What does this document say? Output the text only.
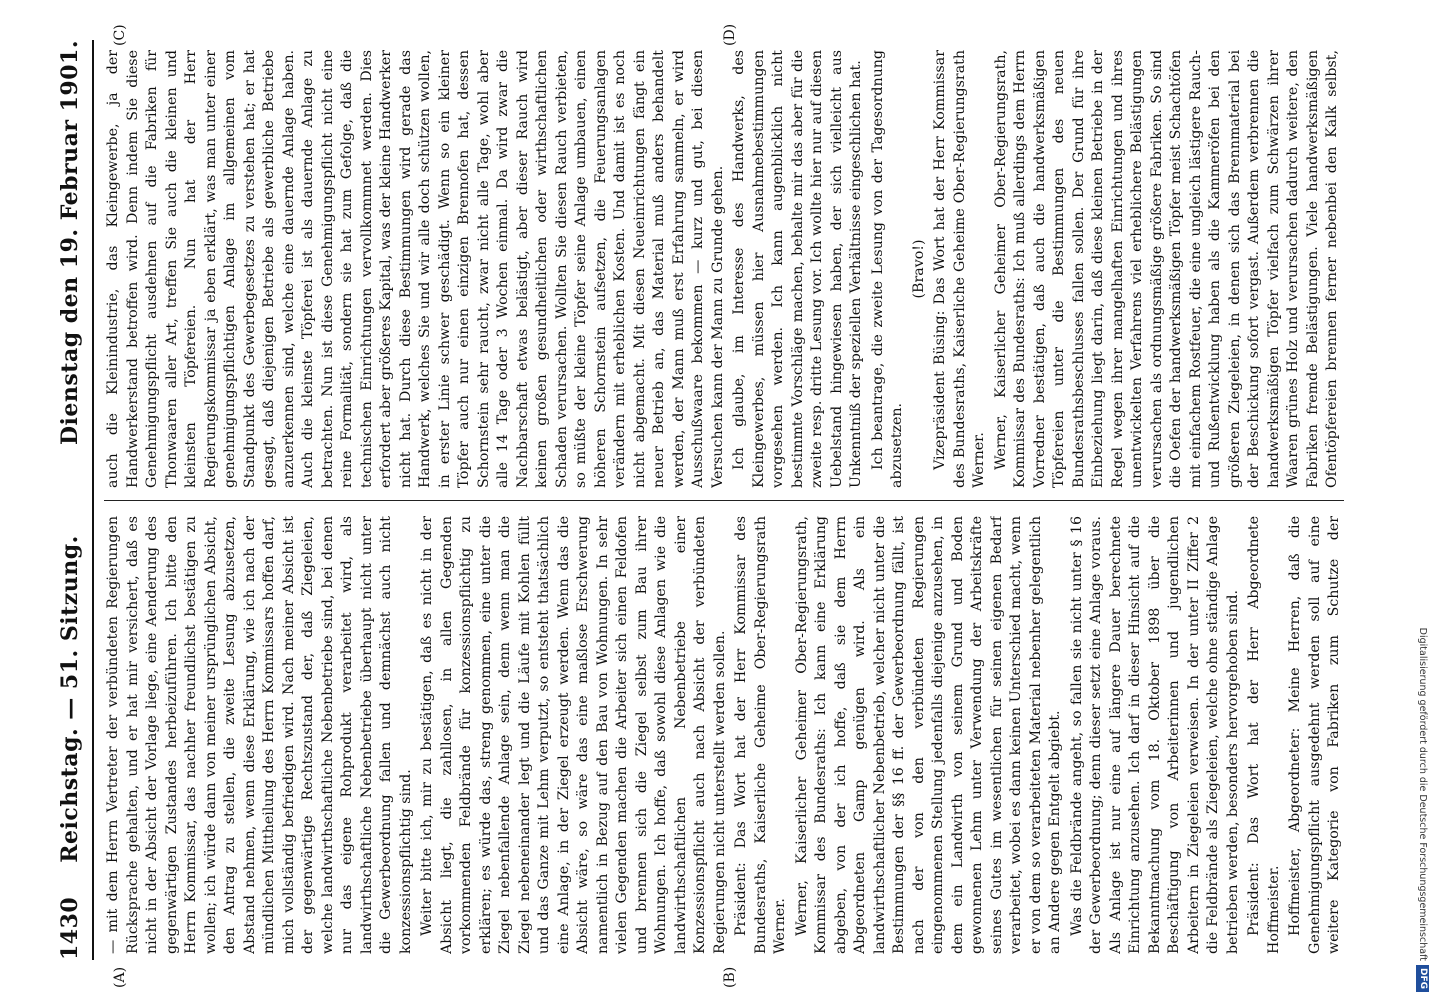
1430
Reichstag. — 51. Sitzung.
Dienstag den 19. Februar 1901.
(A)	(B)
(C)	(D)

— mit dem Herrn Vertreter der verbündeten Regierungen Rücksprache gehalten, und er hat mir versichert, daß es nicht in der Absicht der Vorlage liege, eine Aenderung des gegenwärtigen Zustandes herbeizuführen. Ich bitte den Herrn Kommissar, das nachher freundlichst bestätigen zu wollen; ich würde dann von meiner ursprünglichen Absicht, den Antrag zu stellen, die zweite Lesung abzusetzen, Abstand nehmen, wenn diese Erklärung, wie ich nach der mündlichen Mittheilung des Herrn Kommissars hoffen darf, mich vollständig befriedigen wird. Nach meiner Absicht ist der gegenwärtige Rechtszustand der, daß Ziegeleien, welche landwirthschaftliche Nebenbetriebe sind, bei denen nur das eigene Rohprodukt verarbeitet wird, als landwirthschaftliche Nebenbetriebe überhaupt nicht unter die Gewerbeordnung fallen und demnächst auch nicht konzessionspflichtig sind. Weiter bitte ich, mir zu bestätigen, daß es nicht in der Absicht liegt, die zahllosen, in allen Gegenden vorkommenden Feldbrände für konzessionspflichtig zu erklären; es würde das, streng genommen, eine unter die Ziegel nebenfallende Anlage sein, denn wenn man die Ziegel nebeneinander legt und die Läufe mit Kohlen füllt und das Ganze mit Lehm verputzt, so entsteht thatsächlich eine Anlage, in der Ziegel erzeugt werden. Wenn das die Absicht wäre, so wäre das eine maßlose Erschwerung namentlich in Bezug auf den Bau von Wohnungen. In sehr vielen Gegenden machen die Arbeiter sich einen Feldofen und brennen sich die Ziegel selbst zum Bau ihrer Wohnungen. Ich hoffe, daß sowohl diese Anlagen wie die landwirthschaftlichen Nebenbetriebe einer Konzessionspflicht auch nach Absicht der verbündeten Regierungen nicht unterstellt werden sollen. Präsident: Das Wort hat der Herr Kommissar des Bundesraths, Kaiserliche Geheime Ober-Regierungsrath Werner. Werner, Kaiserlicher Geheimer Ober-Regierungsrath, Kommissar des Bundesraths: Ich kann eine Erklärung abgeben, von der ich hoffe, daß sie dem Herrn Abgeordneten Gamp genügen wird. Als ein landwirthschaftlicher Nebenbetrieb, welcher nicht unter die Bestimmungen der §§ 16 ff. der Gewerbeordnung fällt, ist nach der von den verbündeten Regierungen eingenommenen Stellung jedenfalls diejenige anzusehen, in dem ein Landwirth von seinem Grund und Boden gewonnenen Lehm unter Verwendung der Arbeitskräfte seines Gutes im wesentlichen für seinen eigenen Bedarf verarbeitet, wobei es dann keinen Unterschied macht, wenn er von dem so verarbeiteten Material nebenher gelegentlich an Andere gegen Entgelt abgiebt. Was die Feldbrände angeht, so fallen sie nicht unter § 16 der Gewerbeordnung; denn dieser setzt eine Anlage voraus. Als Anlage ist nur eine auf längere Dauer berechnete Einrichtung anzusehen. Ich darf in dieser Hinsicht auf die Bekanntmachung vom 18. Oktober 1898 über die Beschäftigung von Arbeiterinnen und jugendlichen Arbeitern in Ziegeleien verweisen. In der unter II Ziffer 2 die Feldbrände als Ziegeleien, welche ohne ständige Anlage betrieben werden, besonders hervorgehoben sind. Präsident: Das Wort hat der Herr Abgeordnete Hoffmeister. Hoffmeister, Abgeordneter: Meine Herren, daß die Genehmigungspflicht ausgedehnt werden soll auf eine weitere Kategorie von Fabriken zum Schutze der

auch die Kleinindustrie, das Kleingewerbe, ja der Handwerkerstand betroffen wird. Denn indem Sie diese Genehmigungspflicht ausdehnen auf die Fabriken für Thonwaaren aller Art, treffen Sie auch die kleinen und kleinsten Töpfereien. Nun hat der Herr Regierungskommissar ja eben erklärt, was man unter einer genehmigungspflichtigen Anlage im allgemeinen vom Standpunkt des Gewerbegesetzes zu verstehen hat; er hat gesagt, daß diejenigen Betriebe als gewerbliche Betriebe anzuerkennen sind, welche eine dauernde Anlage haben. Auch die kleinste Töpferei ist als dauernde Anlage zu betrachten. Nun ist diese Genehmigungspflicht nicht eine reine Formalität, sondern sie hat zum Gefolge, daß die technischen Einrichtungen vervollkommnet werden. Dies erfordert aber größeres Kapital, was der kleine Handwerker nicht hat. Durch diese Bestimmungen wird gerade das Handwerk, welches Sie und wir alle doch schützen wollen, in erster Linie schwer geschädigt. Wenn so ein kleiner Töpfer auch nur einen einzigen Brennofen hat, dessen Schornstein sehr raucht, zwar nicht alle Tage, wohl aber alle 14 Tage oder 3 Wochen einmal. Da wird zwar die Nachbarschaft etwas belästigt, aber dieser Rauch wird keinen großen gesundheitlichen oder wirthschaftlichen Schaden verursachen. Wollten Sie diesen Rauch verbieten, so müßte der kleine Töpfer seine Anlage umbauen, einen höheren Schornstein aufsetzen, die Feuerungsanlagen verändern mit erheblichen Kosten. Und damit ist es noch nicht abgemacht. Mit diesen Neueinrichtungen fängt ein neuer Betrieb an, das Material muß anders behandelt werden, der Mann muß erst Erfahrung sammeln, er wird Ausschußwaare bekommen — kurz und gut, bei diesen Versuchen kann der Mann zu Grunde gehen. Ich glaube, im Interesse des Handwerks, des Kleingewerbes, müssen hier Ausnahmebestimmungen vorgesehen werden. Ich kann augenblicklich nicht bestimmte Vorschläge machen, behalte mir das aber für die zweite resp. dritte Lesung vor. Ich wollte hier nur auf diesen Uebelstand hingewiesen haben, der sich vielleicht aus Unkenntniß der speziellen Verhältnisse eingeschlichen hat. Ich beantrage, die zweite Lesung von der Tagesordnung abzusetzen.

(Bravo!) Vizepräsident Büsing: Das Wort hat der Herr Kommissar des Bundesraths, Kaiserliche Geheime Ober-Regierungsrath Werner. Werner, Kaiserlicher Geheimer Ober-Regierungsrath, Kommissar des Bundesraths: Ich muß allerdings dem Herrn Vorredner bestätigen, daß auch die handwerksmäßigen Töpfereien unter die Bestimmungen des neuen Bundesrathsbeschlusses fallen sollen. Der Grund für ihre Einbeziehung liegt darin, daß diese kleinen Betriebe in der Regel wegen ihrer mangelhaften Einrichtungen und ihres unentwickelten Verfahrens viel erheblichere Belästigungen verursachen als ordnungsmäßige größere Fabriken. So sind die Oefen der handwerksmäßigen Töpfer meist Schachtöfen mit einfachem Rostfeuer, die eine ungleich lästigere Rauch- und Rußentwicklung haben als die Kammeröfen bei den größeren Ziegeleien, in denen sich das Brennmaterial bei der Beschickung sofort vergast. Außerdem verbrennen die handwerksmäßigen Töpfer vielfach zum Schwärzen ihrer Waaren grünes Holz und verursachen dadurch weitere, den Fabriken fremde Belästigungen. Viele handwerksmäßigen Ofentöpfereien brennen ferner nebenbei den Kalk selbst,

Digitalisierung gefördert durch die Deutsche Forschungsgemeinschaft
DFG
